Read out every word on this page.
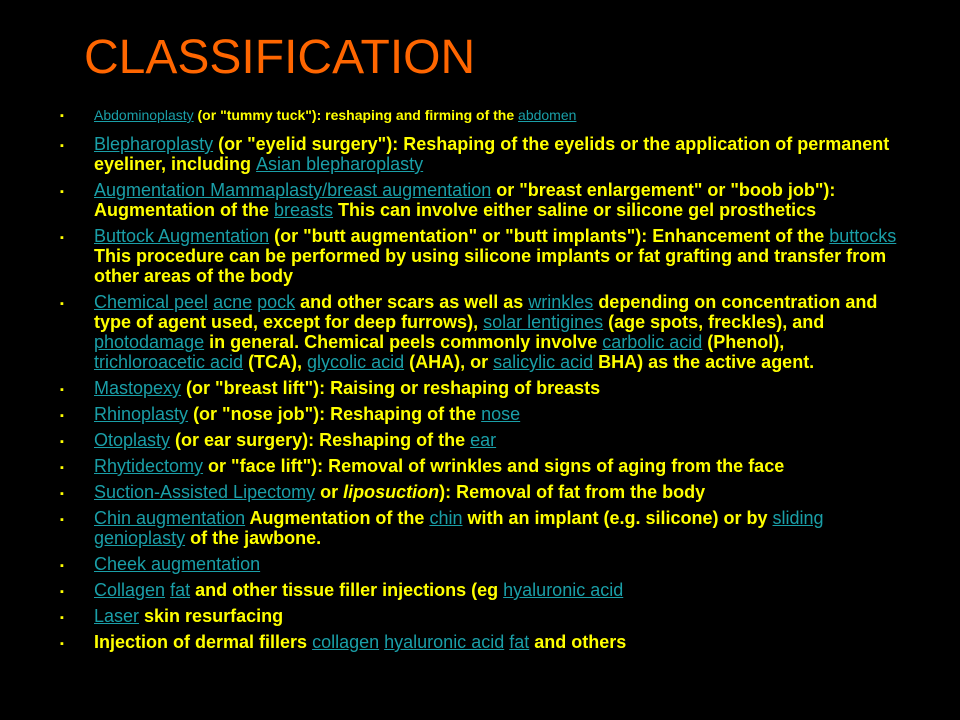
CLASSIFICATION
▪ Abdominoplasty (or "tummy tuck"): reshaping and firming of the abdomen
▪ Blepharoplasty (or "eyelid surgery"): Reshaping of the eyelids or the application of permanent eyeliner, including Asian blepharoplasty
▪ Augmentation Mammaplasty/breast augmentation or "breast enlargement" or "boob job"): Augmentation of the breasts This can involve either saline or silicone gel prosthetics
▪ Buttock Augmentation (or "butt augmentation" or "butt implants"): Enhancement of the buttocks This procedure can be performed by using silicone implants or fat grafting and transfer from other areas of the body
▪ Chemical peel acne pock and other scars as well as wrinkles depending on concentration and type of agent used, except for deep furrows), solar lentigines (age spots, freckles), and photodamage in general. Chemical peels commonly involve carbolic acid (Phenol), trichloroacetic acid (TCA), glycolic acid (AHA), or salicylic acid BHA) as the active agent.
▪ Mastopexy (or "breast lift"): Raising or reshaping of breasts
▪ Rhinoplasty (or "nose job"): Reshaping of the nose
▪ Otoplasty (or ear surgery): Reshaping of the ear
▪ Rhytidectomy or "face lift"): Removal of wrinkles and signs of aging from the face
▪ Suction-Assisted Lipectomy or liposuction): Removal of fat from the body
▪ Chin augmentation Augmentation of the chin with an implant (e.g. silicone) or by sliding genioplasty of the jawbone.
▪ Cheek augmentation
▪ Collagen fat and other tissue filler injections (eg hyaluronic acid
▪ Laser skin resurfacing
▪ Injection of dermal fillers collagen hyaluronic acid fat and others
